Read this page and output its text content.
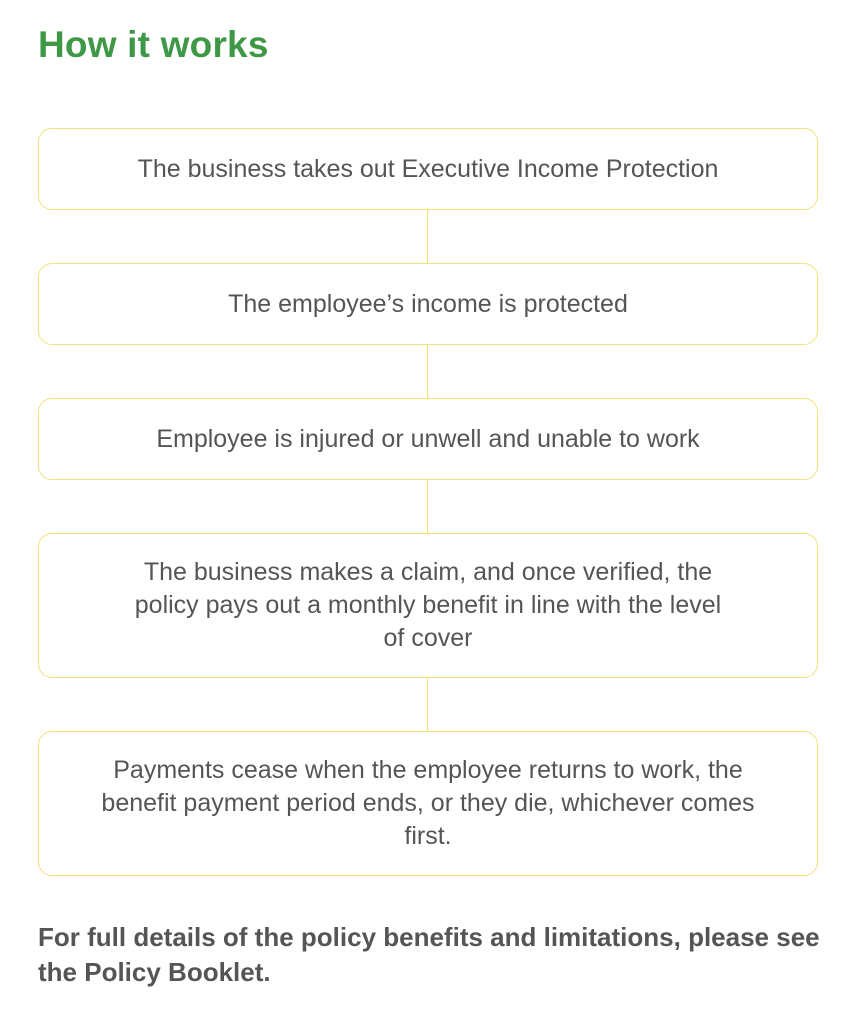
How it works
The business takes out Executive Income Protection
The employee’s income is protected
Employee is injured or unwell and unable to work
The business makes a claim, and once verified, the policy pays out a monthly benefit in line with the level of cover
Payments cease when the employee returns to work, the benefit payment period ends, or they die, whichever comes first.

For full details of the policy benefits and limitations, please see the Policy Booklet.
